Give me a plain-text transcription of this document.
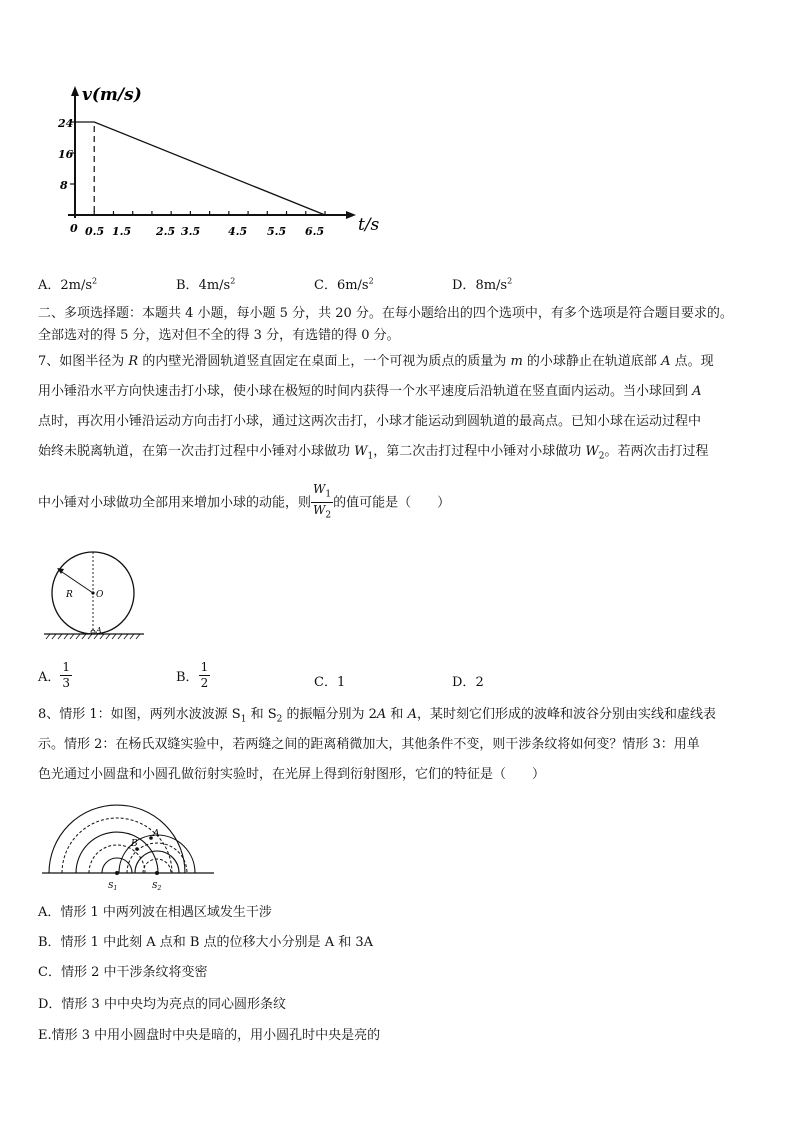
v(m/s)
t/s
24
16
8
0 0.5 1.5 2.5 3.5	4.5 5.5 6.5
A．$2m/s^2$	B．$4m/s^2$	C．$6m/s^2$	D．$8m/s^2$
二、多项选择题：本题共 4 小题，每小题 5 分，共 20 分。在每小题给出的四个选项中，有多个选项是符合题目要求的。
全部选对的得 5 分，选对但不全的得 3 分，有选错的得 0 分。
7、如图半径为 R 的内壁光滑圆轨道竖直固定在桌面上，一个可视为质点的质量为 m 的小球静止在轨道底部 A 点。现
用小锤沿水平方向快速击打小球，使小球在极短的时间内获得一个水平速度后沿轨道在竖直面内运动。当小球回到 A
点时，再次用小锤沿运动方向击打小球，通过这两次击打，小球才能运动到圆轨道的最高点。已知小球在运动过程中
始终未脱离轨道，在第一次击打过程中小锤对小球做功 $W_1$，第二次击打过程中小锤对小球做功 $W_2$。若两次击打过程
中小锤对小球做功全部用来增加小球的动能，则 $\frac{W_1}{W_2}$ 的值可能是（　　）
R	O
A
A． $\frac{1}{3}$	B． $\frac{1}{2}$	C．1	D．2
8、情形 1：如图，两列水波波源 $S_1$ 和 $S_2$ 的振幅分别为 2A 和 A，某时刻它们形成的波峰和波谷分别由实线和虚线表
示。情形 2：在杨氏双缝实验中，若两缝之间的距离稍微加大，其他条件不变，则干涉条纹将如何变？情形 3：用单
色光通过小圆盘和小圆孔做衍射实验时，在光屏上得到衍射图形，它们的特征是（　　）
A
B
$S_1$	$S_2$
A．情形 1 中两列波在相遇区域发生干涉
B．情形 1 中此刻 A 点和 B 点的位移大小分别是 A 和 3A
C．情形 2 中干涉条纹将变密
D．情形 3 中中央均为亮点的同心圆形条纹
E.情形 3 中用小圆盘时中央是暗的，用小圆孔时中央是亮的
